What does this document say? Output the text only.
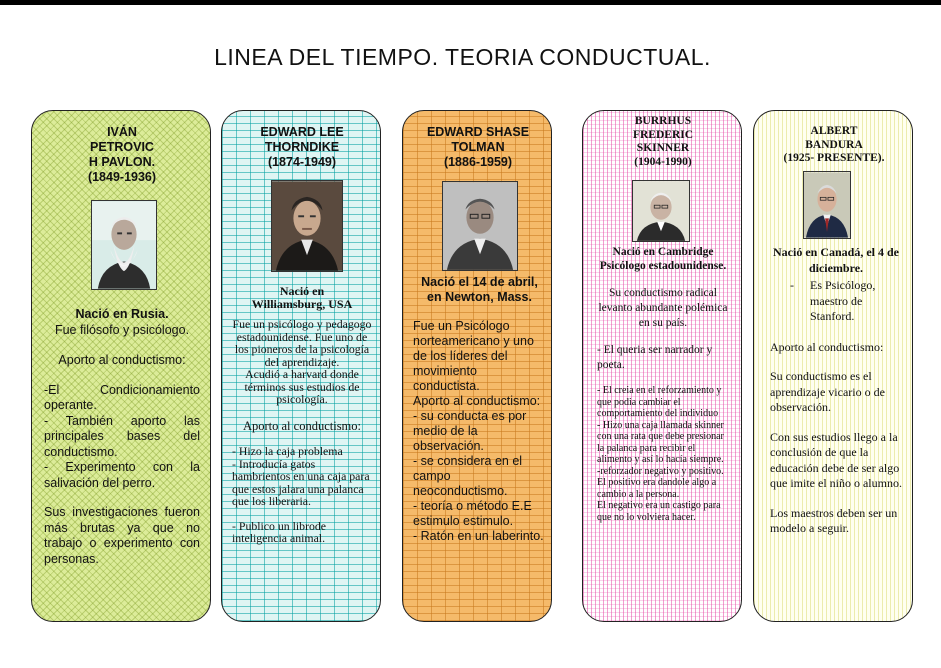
LINEA DEL TIEMPO. TEORIA CONDUCTUAL.
IVÁN
PETROVIC
H PAVLON.
(1849-1936)

Nació en Rusia.

Fue filósofo y psicólogo.

Aporto al conductismo:

-El Condicionamiento operante.

- También aporto las principales bases del conductismo.

- Experimento con la salivación del perro.

Sus investigaciones fueron más brutas ya que no trabajo o experimento con personas.

EDWARD LEE
THORNDIKE
(1874-1949)

Nació en Williamsburg, USA

Fue un psicólogo y pedagogo estadounidense. Fue uno de los pioneros de la psicología del aprendizaje.

Acudió a harvard donde términos sus estudios de psicología.

Aporto al conductismo:

- Hizo la caja problema

- Introducía gatos hambrientos en una caja para que estos jalara una palanca que los liberaria.

- Publico un librode inteligencia animal.

EDWARD SHASE
TOLMAN
(1886-1959)

Nació el 14 de abril, en Newton, Mass.

Fue un Psicólogo norteamericano y uno de los líderes del movimiento conductista.

Aporto al conductismo:

- su conducta es por medio de la observación.

- se considera en el campo neoconductismo.

- teoría o método E.E estimulo estimulo.

- Ratón en un laberinto.

BURRHUS
FREDERIC
SKINNER
(1904-1990)

Nació en Cambridge Psicólogo estadounidense.

Su conductismo radical levanto abundante polémica en su país.

- El queria ser narrador y poeta.

- El creia en el reforzamiento y que podia cambiar el comportamiento del individuo

- Hizo una caja llamada skinner con una rata que debe presionar la palanca para recibir el alimento y así lo hacía siempre.

-reforzador negativo y positivo.

El positivo era dandole algo a cambio a la persona.

El negativo era un castigo para que no lo volviera hacer.

ALBERT
BANDURA
(1925- PRESENTE).

Nació en Canadá, el 4 de diciembre.

- Es Psicólogo, maestro de Stanford.

Aporto al conductismo:

Su conductismo es el aprendizaje vicario o de observación.

Con sus estudios llego a la conclusión de que la educación debe de ser algo que imite el niño o alumno.

Los maestros deben ser un modelo a seguir.
